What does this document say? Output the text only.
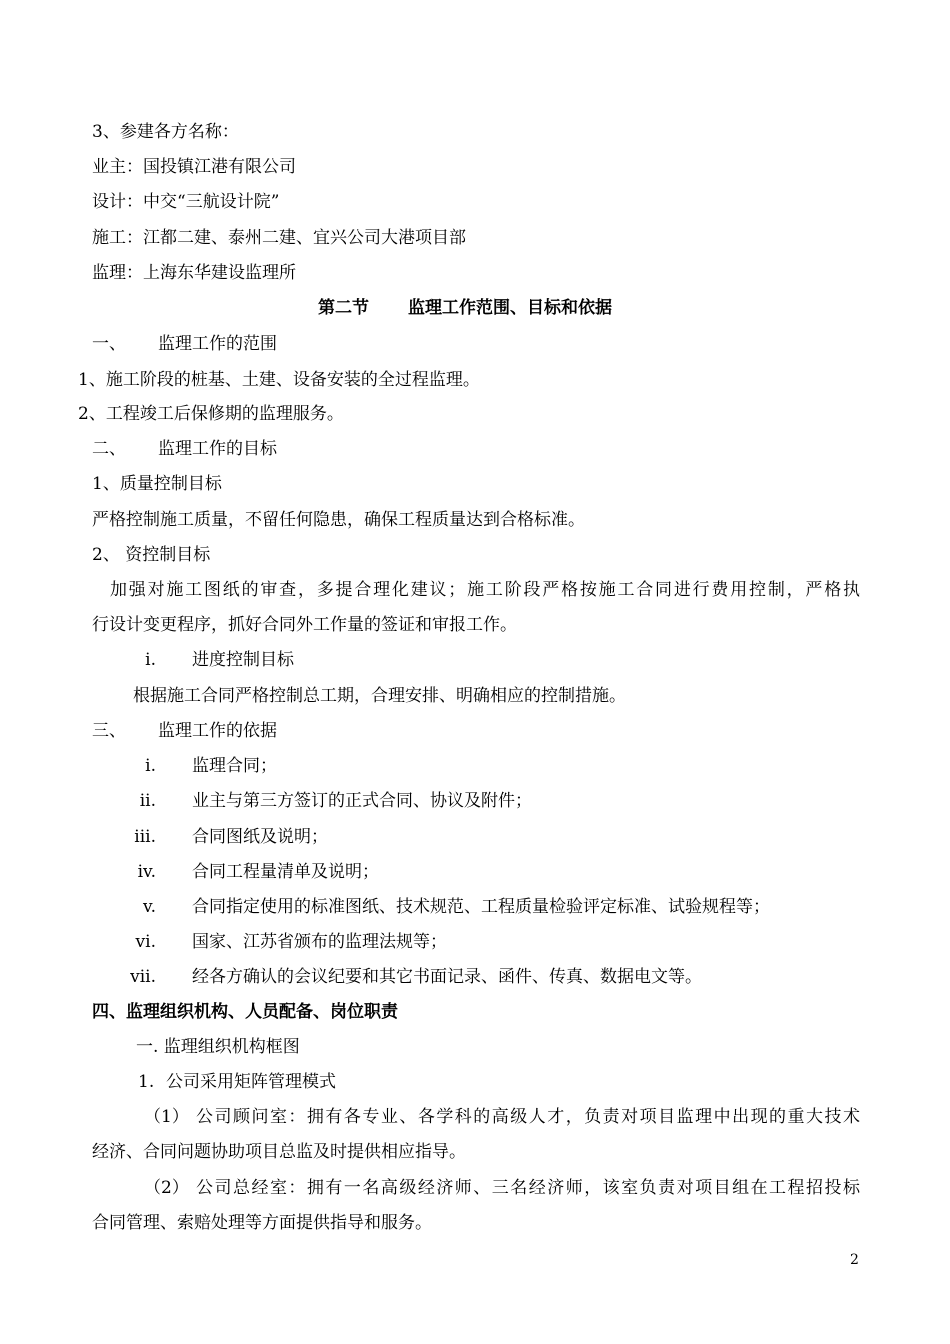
3、参建各方名称：
业主：国投镇江港有限公司
设计：中交“三航设计院”
施工：江都二建、泰州二建、宜兴公司大港项目部
监理：上海东华建设监理所
第二节 监理工作范围、目标和依据
一、 监理工作的范围
1、施工阶段的桩基、土建、设备安装的全过程监理。
2、工程竣工后保修期的监理服务。
二、 监理工作的目标
1、质量控制目标
严格控制施工质量，不留任何隐患，确保工程质量达到合格标准。
2、 资控制目标
加强对施工图纸的审查，多提合理化建议；施工阶段严格按施工合同进行费用控制，严格执
行设计变更程序，抓好合同外工作量的签证和审报工作。
i. 进度控制目标
根据施工合同严格控制总工期，合理安排、明确相应的控制措施。
三、 监理工作的依据
i. 监理合同；
ii. 业主与第三方签订的正式合同、协议及附件；
iii. 合同图纸及说明；
iv. 合同工程量清单及说明；
v. 合同指定使用的标准图纸、技术规范、工程质量检验评定标准、试验规程等；
vi. 国家、江苏省颁布的监理法规等；
vii. 经各方确认的会议纪要和其它书面记录、函件、传真、数据电文等。
四、监理组织机构、人员配备、岗位职责
一. 监理组织机构框图
1. 公司采用矩阵管理模式
（1） 公司顾问室：拥有各专业、各学科的高级人才，负责对项目监理中出现的重大技术
经济、合同问题协助项目总监及时提供相应指导。
（2） 公司总经室：拥有一名高级经济师、三名经济师，该室负责对项目组在工程招投标
合同管理、索赔处理等方面提供指导和服务。
2
